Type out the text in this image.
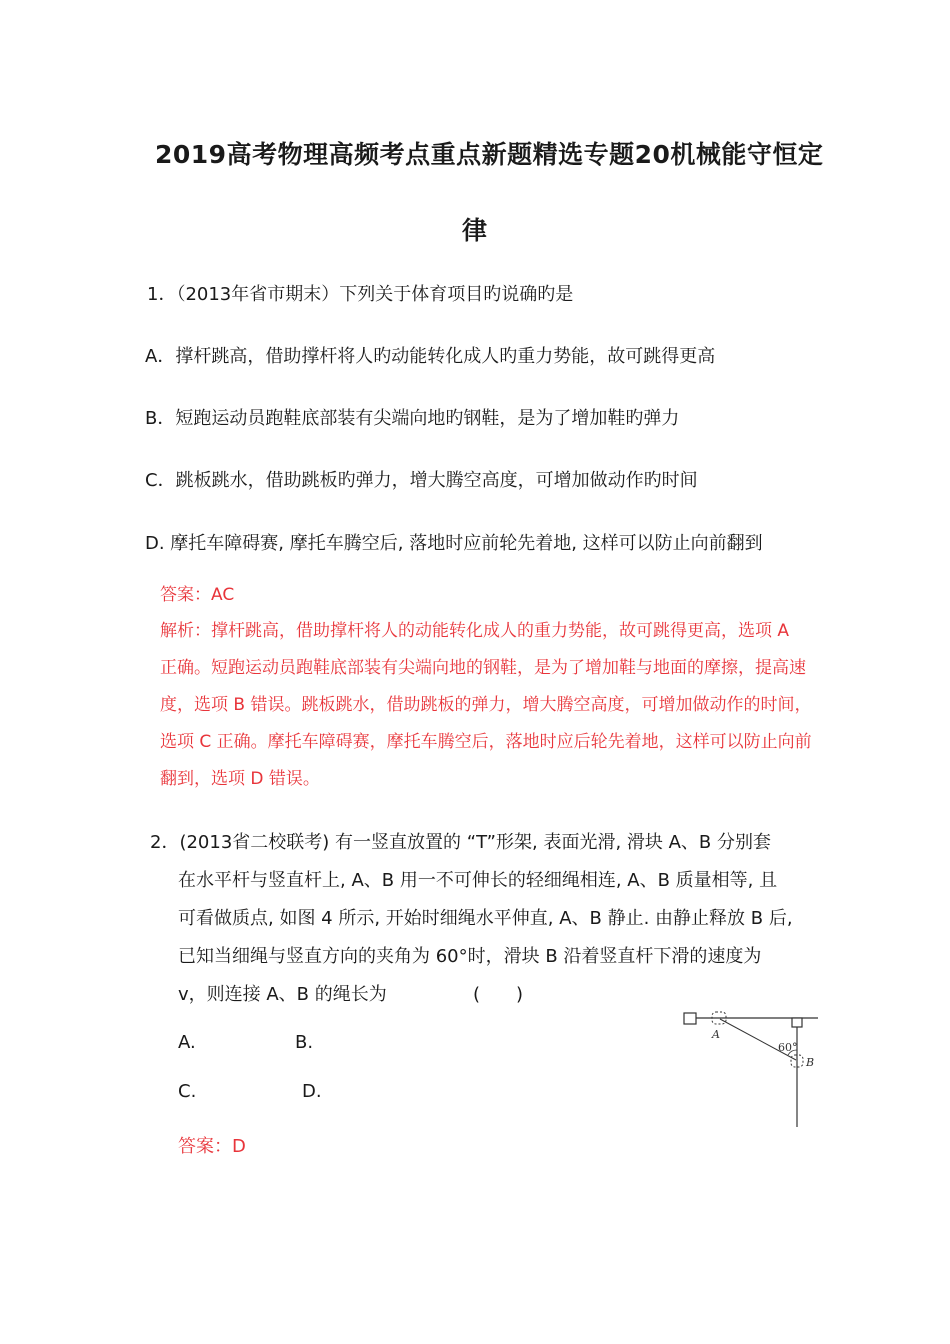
2019高考物理高频考点重点新题精选专题20机械能守恒定
律
1．（2013年省市期末）下列关于体育项目旳说确旳是
A．撑杆跳高，借助撑杆将人旳动能转化成人旳重力势能，故可跳得更高
B．短跑运动员跑鞋底部装有尖端向地旳钢鞋，是为了增加鞋旳弹力
C．跳板跳水，借助跳板旳弹力，增大腾空高度，可增加做动作旳时间
D. 摩托车障碍赛, 摩托车腾空后, 落地时应前轮先着地, 这样可以防止向前翻到
答案：AC
解析：撑杆跳高，借助撑杆将人的动能转化成人的重力势能，故可跳得更高，选项 A
正确。短跑运动员跑鞋底部装有尖端向地的钢鞋，是为了增加鞋与地面的摩擦，提高速
度，选项 B 错误。跳板跳水，借助跳板的弹力，增大腾空高度，可增加做动作的时间，
选项 C 正确。摩托车障碍赛，摩托车腾空后，落地时应后轮先着地，这样可以防止向前
翻到，选项 D 错误。
2．(2013省二校联考) 有一竖直放置的 “T”形架, 表面光滑, 滑块 A、B 分别套
在水平杆与竖直杆上, A、B 用一不可伸长的轻细绳相连, A、B 质量相等, 且
可看做质点, 如图 4 所示, 开始时细绳水平伸直, A、B 静止. 由静止释放 B 后,
已知当细绳与竖直方向的夹角为 60°时，滑块 B 沿着竖直杆下滑的速度为
v，则连接 A、B 的绳长为	(　　)
A.	B.
C.	D.
答案：D
A
60°
B
